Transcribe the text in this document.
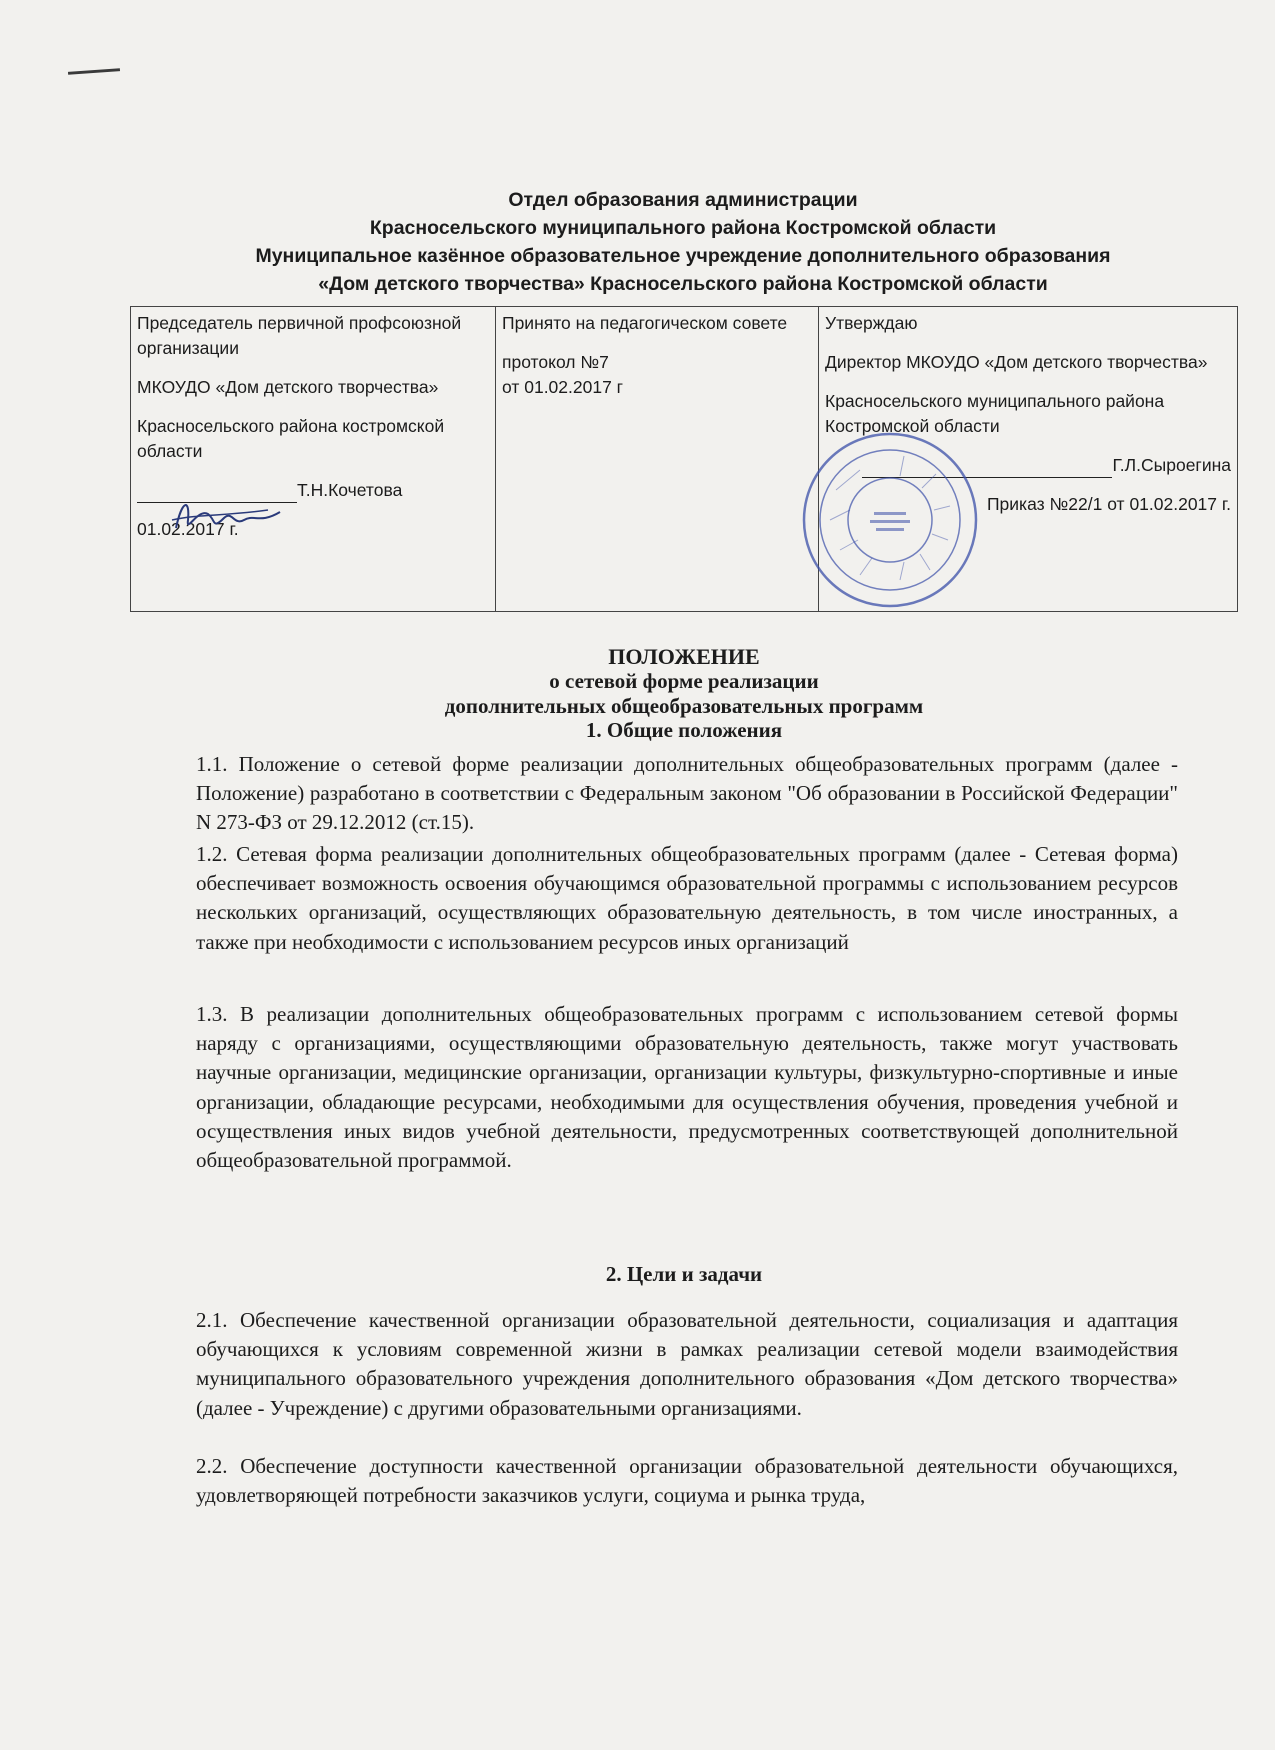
Отдел образования администрации
Красносельского муниципального района Костромской области
Муниципальное казённое образовательное учреждение дополнительного образования
«Дом детского творчества» Красносельского района Костромской области
Председатель первичной профсоюзной организации
МКОУДО «Дом детского творчества»
Красносельского района костромской области
Т.Н.Кочетова
01.02.2017 г.

Принято на педагогическом совете
протокол №7
от 01.02.2017 г

Утверждаю
Директор МКОУДО «Дом детского творчества»
Красносельского муниципального района Костромской области
Г.Л.Сыроегина
Приказ №22/1 от 01.02.2017 г.
ПОЛОЖЕНИЕ
о сетевой форме реализации
дополнительных общеобразовательных программ
1. Общие положения
1.1. Положение о сетевой форме реализации дополнительных общеобразовательных программ (далее - Положение) разработано в соответствии с Федеральным законом "Об образовании в Российской Федерации" N 273-ФЗ от 29.12.2012 (ст.15).
1.2. Сетевая форма реализации дополнительных общеобразовательных программ (далее - Сетевая форма) обеспечивает возможность освоения обучающимся образовательной программы с использованием ресурсов нескольких организаций, осуществляющих образовательную деятельность, в том числе иностранных, а также при необходимости с использованием ресурсов иных организаций
1.3. В реализации дополнительных общеобразовательных программ с использованием сетевой формы наряду с организациями, осуществляющими образовательную деятельность, также могут участвовать научные организации, медицинские организации, организации культуры, физкультурно-спортивные и иные организации, обладающие ресурсами, необходимыми для осуществления обучения, проведения учебной и осуществления иных видов учебной деятельности, предусмотренных соответствующей дополнительной общеобразовательной программой.
2. Цели и задачи
2.1. Обеспечение качественной организации образовательной деятельности, социализация и адаптация обучающихся к условиям современной жизни в рамках реализации сетевой модели взаимодействия муниципального образовательного учреждения дополнительного образования «Дом детского творчества» (далее - Учреждение) с другими образовательными организациями.
2.2. Обеспечение доступности качественной организации образовательной деятельности обучающихся, удовлетворяющей потребности заказчиков услуги, социума и рынка труда,
